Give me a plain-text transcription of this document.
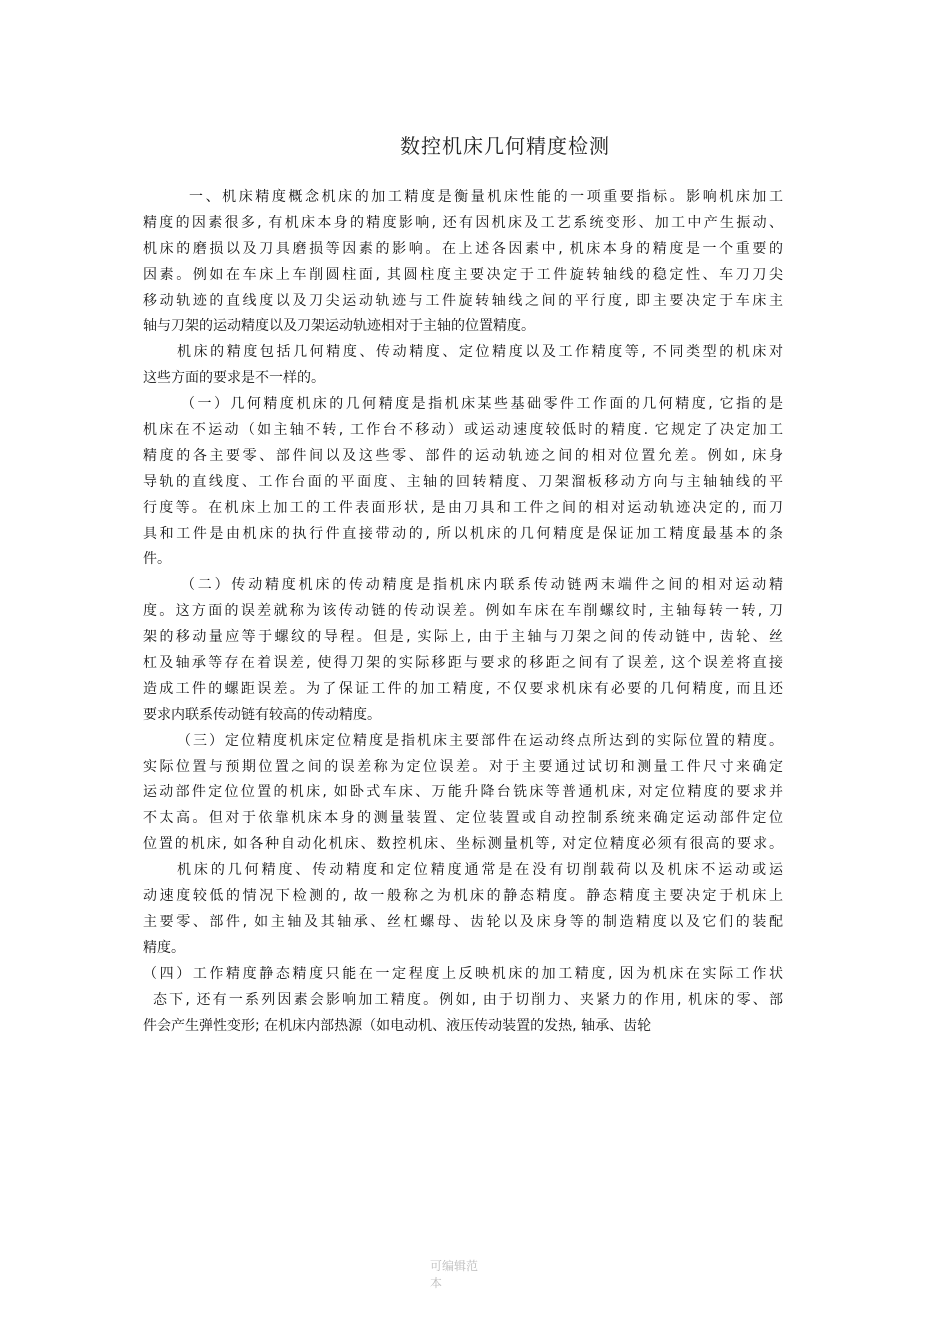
数控机床几何精度检测
一、机床精度概念机床的加工精度是衡量机床性能的一项重要指标。影响机床加工
精度的因素很多, 有机床本身的精度影响, 还有因机床及工艺系统变形、加工中产生振动、
机床的磨损以及刀具磨损等因素的影响。在上述各因素中, 机床本身的精度是一个重要的
因素。例如在车床上车削圆柱面, 其圆柱度主要决定于工件旋转轴线的稳定性、车刀刀尖
移动轨迹的直线度以及刀尖运动轨迹与工件旋转轴线之间的平行度, 即主要决定于车床主
轴与刀架的运动精度以及刀架运动轨迹相对于主轴的位置精度。
机床的精度包括几何精度、传动精度、定位精度以及工作精度等, 不同类型的机床对
这些方面的要求是不一样的。
（一）几何精度机床的几何精度是指机床某些基础零件工作面的几何精度, 它指的是
机床在不运动（如主轴不转, 工作台不移动）或运动速度较低时的精度. 它规定了决定加工
精度的各主要零、部件间以及这些零、部件的运动轨迹之间的相对位置允差。例如, 床身
导轨的直线度、工作台面的平面度、主轴的回转精度、刀架溜板移动方向与主轴轴线的平
行度等。在机床上加工的工件表面形状, 是由刀具和工件之间的相对运动轨迹决定的, 而刀
具和工件是由机床的执行件直接带动的, 所以机床的几何精度是保证加工精度最基本的条
件。
（二）传动精度机床的传动精度是指机床内联系传动链两末端件之间的相对运动精
度。这方面的误差就称为该传动链的传动误差。例如车床在车削螺纹时, 主轴每转一转, 刀
架的移动量应等于螺纹的导程。但是, 实际上, 由于主轴与刀架之间的传动链中, 齿轮、丝
杠及轴承等存在着误差, 使得刀架的实际移距与要求的移距之间有了误差, 这个误差将直接
造成工件的螺距误差。为了保证工件的加工精度, 不仅要求机床有必要的几何精度, 而且还
要求内联系传动链有较高的传动精度。
（三）定位精度机床定位精度是指机床主要部件在运动终点所达到的实际位置的精度。
实际位置与预期位置之间的误差称为定位误差。对于主要通过试切和测量工件尺寸来确定
运动部件定位位置的机床, 如卧式车床、万能升降台铣床等普通机床, 对定位精度的要求并
不太高。但对于依靠机床本身的测量装置、定位装置或自动控制系统来确定运动部件定位
位置的机床, 如各种自动化机床、数控机床、坐标测量机等, 对定位精度必须有很高的要求。
机床的几何精度、传动精度和定位精度通常是在没有切削载荷以及机床不运动或运
动速度较低的情况下检测的, 故一般称之为机床的静态精度。静态精度主要决定于机床上
主要零、部件, 如主轴及其轴承、丝杠螺母、齿轮以及床身等的制造精度以及它们的装配
精度。
（四）工作精度静态精度只能在一定程度上反映机床的加工精度, 因为机床在实际工作状
态下, 还有一系列因素会影响加工精度。例如, 由于切削力、夹紧力的作用, 机床的零、部
件会产生弹性变形; 在机床内部热源（如电动机、液压传动装置的发热, 轴承、齿轮
可编辑范
本
